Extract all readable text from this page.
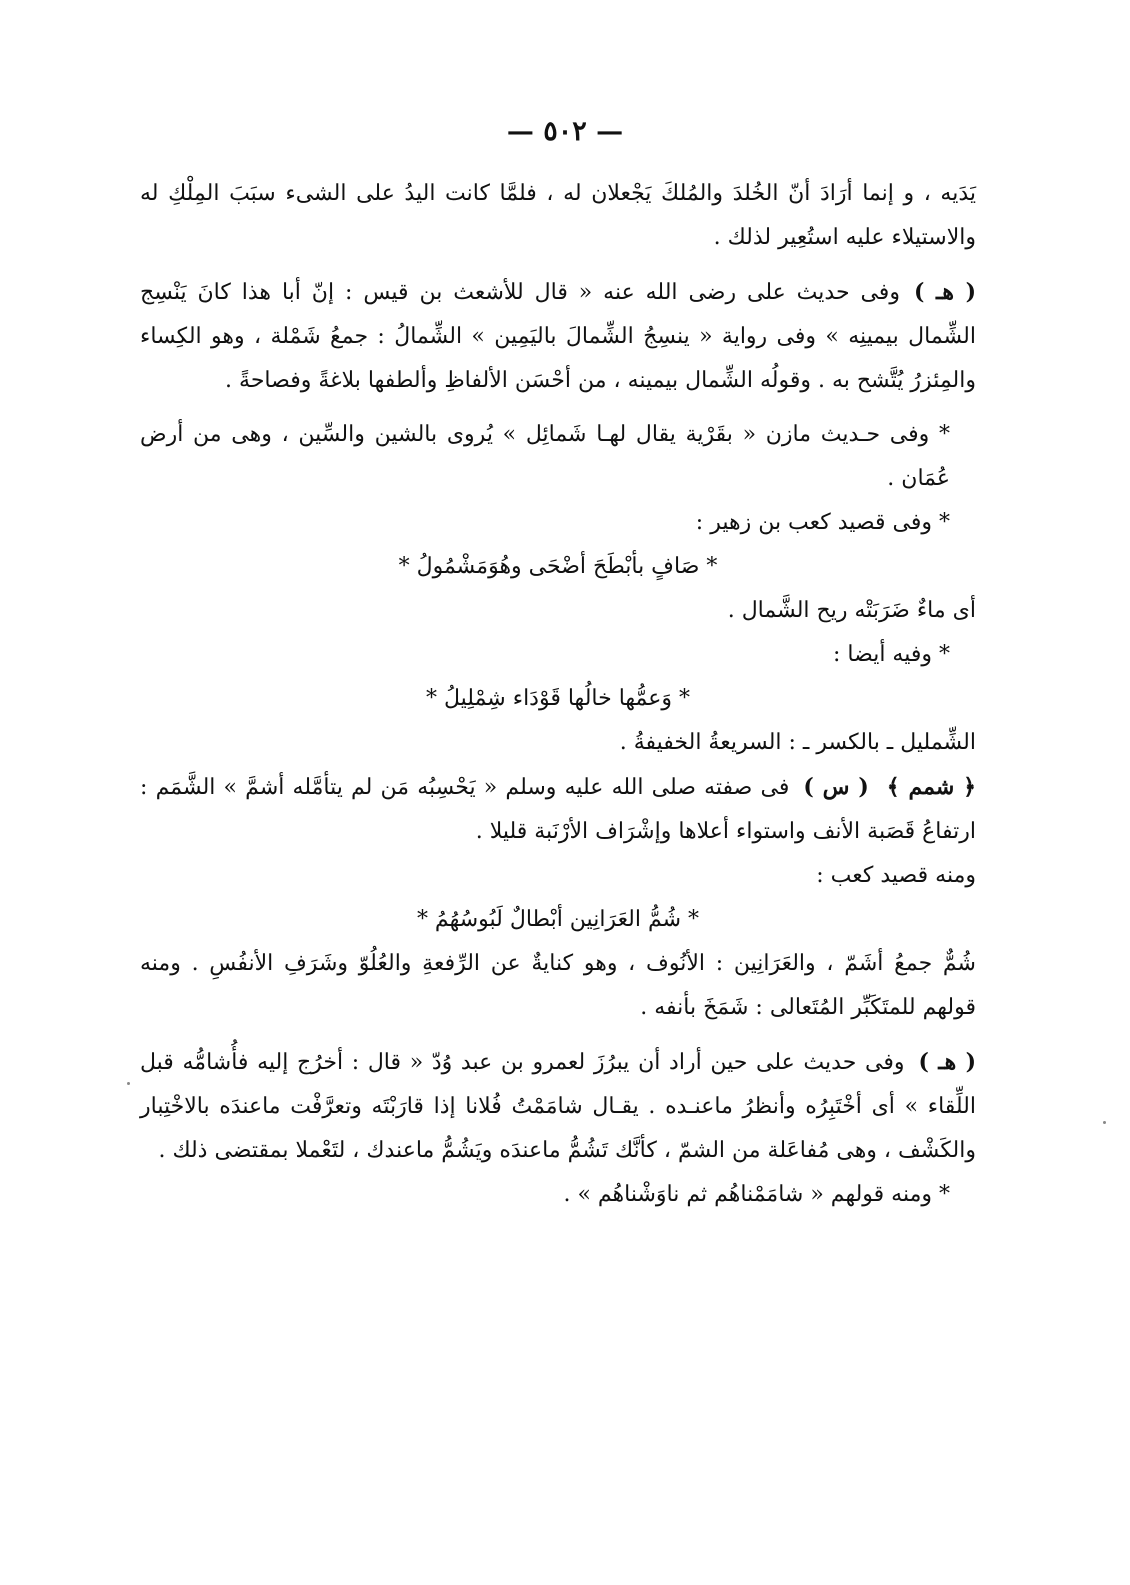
— ٥٠٢ —

يَدَيه ، و إنما أرَادَ أنّ الخُلدَ والمُلكَ يَجْعلان له ، فلمَّا كانت اليدُ على الشىء سبَبَ المِلْكِ له والاستيلاء عليه استُعِير لذلك .

( هـ )وفى حديث على رضى الله عنه « قال للأشعث بن قيس : إنّ أبا هذا كانَ يَنْسِج الشِّمال بيمينِه » وفى رواية « ينسِجُ الشِّمالَ باليَمِين » الشِّمالُ : جمعُ شَمْلة ، وهو الكِساء والمِئزرُ يُتَّشح به . وقولُه الشِّمال بيمينه ، من أحْسَن الألفاظِ وألطفها بلاغةً وفصاحةً .

* وفى حـديث مازن « بقَرْية يقال لهـا شَمائِل » يُروى بالشين والسِّين ، وهى من أرض عُمَان .

* وفى قصيد كعب بن زهير :

* صَافٍ بأبْطَحَ أضْحَى وهُوَمَشْمُولُ *

أى ماءٌ ضَرَبَتْه ريح الشَّمال .

* وفيه أيضا :

* وَعمُّها خالُها قَوْدَاء شِمْلِيلُ *

الشِّمليل ـ بالكسر ـ : السريعةُ الخفيفةُ .

﴿ شمم ﴾( س )فى صفته صلى الله عليه وسلم « يَحْسِبُه مَن لم يتأمَّله أشمَّ » الشَّمَم : ارتفاعُ قَصَبة الأنف واستواء أعلاها وإشْرَاف الأرْنَبة قليلا .

ومنه قصيد كعب :

* شُمُّ العَرَانِين أبْطالٌ لَبُوسُهُمُ *

شُمٌّ جمعُ أشَمّ ، والعَرَانِين : الأنُوف ، وهو كنايةٌ عن الرِّفعةِ والعُلُوّ وشَرَفِ الأنفُسِ . ومنه قولهم للمتَكَبِّر المُتَعالى : شَمَخَ بأنفه .

( هـ )وفى حديث على حين أراد أن يبرُزَ لعمرو بن عبد وُدّ « قال : أخرُج إليه فأُشامُّه قبل اللِّقاء » أى أخْتَبِرُه وأنظرُ ماعنـده . يقـال شامَمْتُ فُلانا إذا قارَبْتَه وتعرَّفْت ماعندَه بالاخْتِبار والكَشْف ، وهى مُفاعَلة من الشمّ ، كأنَّك تَشُمُّ ماعندَه ويَشُمُّ ماعندك ، لتَعْملا بمقتضى ذلك .

* ومنه قولهم « شامَمْناهُم ثم ناوَشْناهُم » .
